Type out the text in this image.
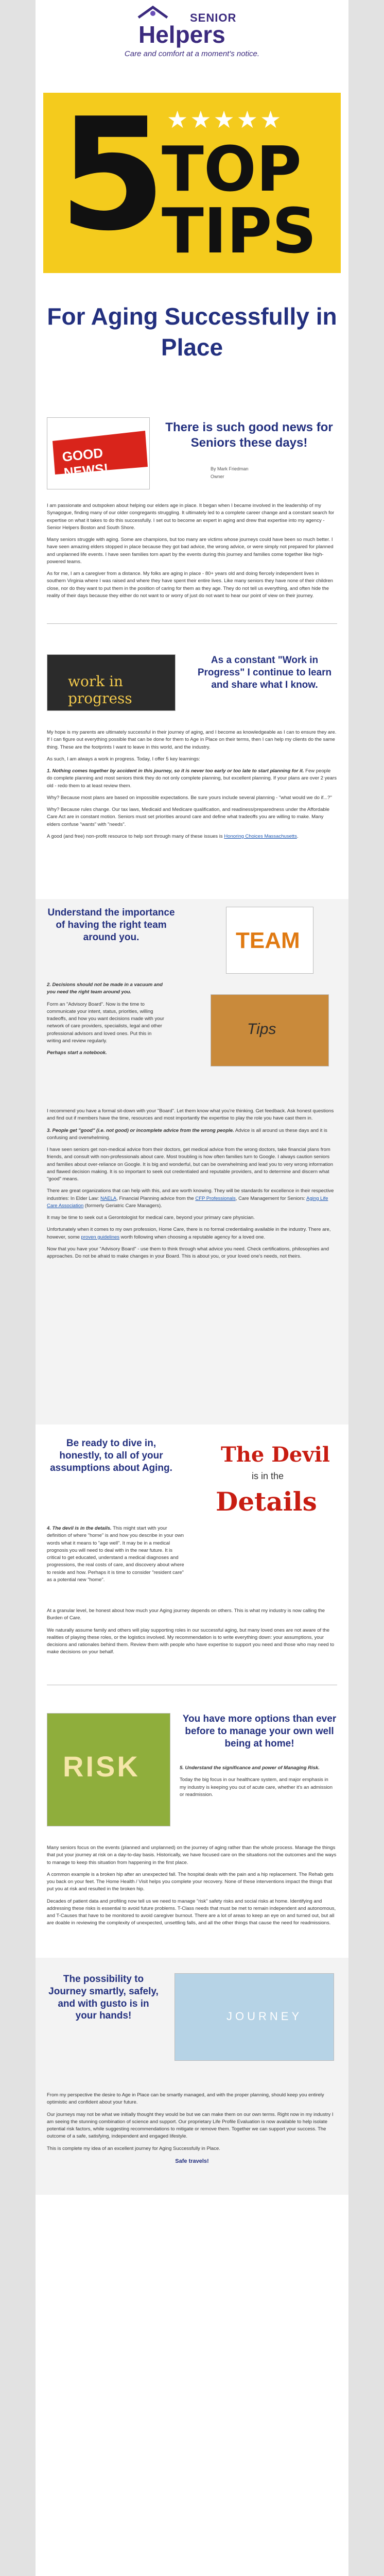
SENIOR
Helpers
Care and comfort at a moment's notice.
5 ★★★★★
TOP
TIPS
For Aging Successfully in Place
GOOD NEWS!
There is such good news for Seniors these days!
By Mark Friedman
Owner

I am passionate and outspoken about helping our elders age in place. It began when I became involved in the leadership of my Synagogue, finding many of our older congregants struggling. It ultimately led to a complete career change and a constant search for expertise on what it takes to do this successfully. I set out to become an expert in aging and drew that expertise into my agency - Senior Helpers Boston and South Shore.

Many seniors struggle with aging. Some are champions, but too many are victims whose journeys could have been so much better. I have seen amazing elders stopped in place because they got bad advice, the wrong advice, or were simply not prepared for planned and unplanned life events. I have seen families torn apart by the events during this journey and families come together like high-powered teams.

As for me, I am a caregiver from a distance. My folks are aging in place - 80+ years old and doing fiercely independent lives in southern Virginia where I was raised and where they have spent their entire lives. Like many seniors they have none of their children close, nor do they want to put them in the position of caring for them as they age. They do not tell us everything, and often hide the reality of their days because they either do not want to or worry of just do not want to hear our point of view on their journey.

work in progress
As a constant "Work in Progress" I continue to learn and share what I know.

My hope is my parents are ultimately successful in their journey of aging, and I become as knowledgeable as I can to ensure they are. If I can figure out everything possible that can be done for them to Age in Place on their terms, then I can help my clients do the same thing. These are the footprints I want to leave in this world, and the industry.

As such, I am always a work in progress. Today, I offer 5 key learnings:

1. Nothing comes together by accident in this journey, so it is never too early or too late to start planning for it. Few people do complete planning and most seniors think they do not only complete planning, but excellent planning. If your plans are over 2 years old - redo them to at least review them.

Why? Because most plans are based on impossible expectations. Be sure yours include several planning - "what would we do if...?"

Why? Because rules change. Our tax laws, Medicaid and Medicare qualification, and readiness/preparedness under the Affordable Care Act are in constant motion. Seniors must set priorities around care and define what tradeoffs you are willing to make. Many elders confuse "wants" with "needs".

A good (and free) non-profit resource to help sort through many of these issues is Honoring Choices Massachusetts.

Understand the importance of having the right team around you.	TEAM

2. Decisions should not be made in a vacuum and you need the right team around you.

Form an "Advisory Board". Now is the time to communicate your intent, status, priorities, willing tradeoffs, and how you want decisions made with your network of care providers, specialists, legal and other professional advisors and loved ones. Put this in writing and review regularly.

Perhaps start a notebook.

Tips

I recommend you have a formal sit-down with your "Board". Let them know what you're thinking. Get feedback. Ask honest questions and find out if members have the time, resources and most importantly the expertise to play the role you have cast them in.

3. People get "good" (i.e. not good) or incomplete advice from the wrong people. Advice is all around us these days and it is confusing and overwhelming.

I have seen seniors get non-medical advice from their doctors, get medical advice from the wrong doctors, take financial plans from friends, and consult with non-professionals about care. Most troubling is how often families turn to Google. I always caution seniors and families about over-reliance on Google. It is big and wonderful, but can be overwhelming and lead you to very wrong information and flawed decision making. It is so important to seek out credentialed and reputable providers, and to determine and discern what "good" means.

There are great organizations that can help with this, and are worth knowing. They will be standards for excellence in their respective industries: In Elder Law: NAELA, Financial Planning advice from the CFP Professionals, Care Management for Seniors: Aging Life Care Association (formerly Geriatric Care Managers).

It may be time to seek out a Gerontologist for medical care, beyond your primary care physician.

Unfortunately when it comes to my own profession, Home Care, there is no formal credentialing available in the industry. There are, however, some proven guidelines worth following when choosing a reputable agency for a loved one.

Now that you have your "Advisory Board" - use them to think through what advice you need. Check certifications, philosophies and approaches. Do not be afraid to make changes in your Board. This is about you, or your loved one's needs, not theirs.

Be ready to dive in, honestly, to all of your assumptions about Aging.
The Devil
is in the
Details

4. The devil is in the details. This might start with your definition of where "home" is and how you describe in your own words what it means to "age well". It may be in a medical prognosis you will need to deal with in the near future. It is critical to get educated, understand a medical diagnoses and progressions, the real costs of care, and discovery about where to reside and how. Perhaps it is time to consider "resident care" as a potential new "home".

At a granular level, be honest about how much your Aging journey depends on others. This is what my industry is now calling the Burden of Care.

We naturally assume family and others will play supporting roles in our successful aging, but many loved ones are not aware of the realities of playing these roles, or the logistics involved. My recommendation is to write everything down: your assumptions, your decisions and rationales behind them. Review them with people who have expertise to support you need and those who may need to make decisions on your behalf.

RISK
You have more options than ever before to manage your own well being at home!

5. Understand the significance and power of Managing Risk.

Today the big focus in our healthcare system, and major emphasis in my industry is keeping you out of acute care, whether it's an admission or readmission.

Many seniors focus on the events (planned and unplanned) on the journey of aging rather than the whole process. Manage the things that put your journey at risk on a day-to-day basis. Historically, we have focused care on the situations not the outcomes and the ways to manage to keep this situation from happening in the first place.

A common example is a broken hip after an unexpected fall. The hospital deals with the pain and a hip replacement. The Rehab gets you back on your feet. The Home Health / Visit helps you complete your recovery. None of these interventions impact the things that put you at risk and resulted in the broken hip.

Decades of patient data and profiling now tell us we need to manage "risk" safety risks and social risks at home. Identifying and addressing these risks is essential to avoid future problems. T-Class needs that must be met to remain independent and autonomous, and T-Causes that have to be monitored to avoid caregiver burnout. There are a lot of areas to keep an eye on and turned out, but all are doable in reviewing the complexity of unexpected, unsettling falls, and all the other things that cause the need for readmissions.

The possibility to Journey smartly, safely, and with gusto is in your hands!	JOURNEY

From my perspective the desire to Age in Place can be smartly managed, and with the proper planning, should keep you entirely optimistic and confident about your future.

Our journeys may not be what we initially thought they would be but we can make them on our own terms. Right now in my industry I am seeing the stunning combination of science and support. Our proprietary Life Profile Evaluation is now available to help isolate potential risk factors, while suggesting recommendations to mitigate or remove them. Together we can support your success. The outcome of a safe, satisfying, independent and engaged lifestyle.

This is complete my idea of an excellent journey for Aging Successfully in Place.

Safe travels!
